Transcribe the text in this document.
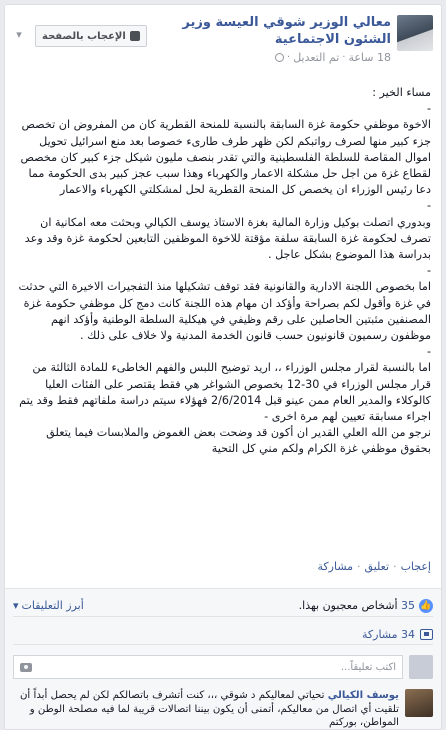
معالي الوزير شوقي العيسة وزير الشئون الاجتماعية
18 ساعة
·
تم التعديل
·
الإعجاب بالصفحة
▾

مساء الخير :

-

الاخوة موظفي حكومة غزة السابقة بالنسبة للمنحة القطرية كان من المفروض ان تخصص جزء كبير منها لصرف رواتبكم لكن ظهر طرف طارىء خصوصا بعد منع اسرائيل تحويل اموال المقاصة للسلطة الفلسطينية والتي تقدر بنصف مليون شيكل جزء كبير كان مخصص لقطاع غزة من اجل حل مشكلة الاعمار والكهرباء وهذا سبب عجز كبير بدى الحكومة مما دعا رئيس الوزراء ان يخصص كل المنحة القطرية لحل لمشكلتي الكهرباء والاعمار

-

وبدوري اتصلت بوكيل وزارة المالية بغزة الاستاذ يوسف الكيالي وبحثت معه امكانية ان تصرف لحكومة غزة السابقة سلفة مؤقتة للاخوة الموظفين التابعين لحكومة غزة وقد وعد بدراسة هذا الموضوع بشكل عاجل .

-

اما بخصوص اللجنة الادارية والقانونية فقد توقف تشكيلها منذ التفجيرات الاخيرة التي حدثت في غزة وأقول لكم بصراحة وأؤكد ان مهام هذه اللجنة كانت دمج كل موظفي حكومة غزة المصنفين مثبتين الحاصلين على رقم وظيفي في هيكلية السلطة الوطنية وأؤكد انهم موظفون رسميون قانونيون حسب قانون الخدمة المدنية ولا خلاف على ذلك .

-

اما بالنسبة لقرار مجلس الوزراء ،، اريد توضيح اللبس والفهم الخاطىء للمادة الثالثة من قرار مجلس الوزراء في 30-12 بخصوص الشواغر هي فقط يقتصر على الفئات العليا كالوكلاء والمدير العام ممن عينو قبل 2/6/2014 فهؤلاء سيتم دراسة ملفاتهم فقط وقد يتم اجراء مسابقة تعيين لهم مرة اخرى -

نرجو من الله العلي القدير ان أكون قد وضحت بعض الغموض والملابسات فيما يتعلق بحقوق موظفي غزة الكرام ولكم مني كل التحية

إعجاب
·
تعليق
·
مشاركة
👍
35 أشخاص معجبون بهذا.
أبرز التعليقات
▾
34 مشاركة
اكتب تعليقاً...
يوسف الكيالي تحياتي لمعاليكم د شوقي ،،، كنت أتشرف باتصالكم لكن لم يحصل أبداً أن تلقيت أي اتصال من معاليكم، أتمنى أن يكون بيننا اتصالات قريبة لما فيه مصلحة الوطن و المواطن، بوركتم
